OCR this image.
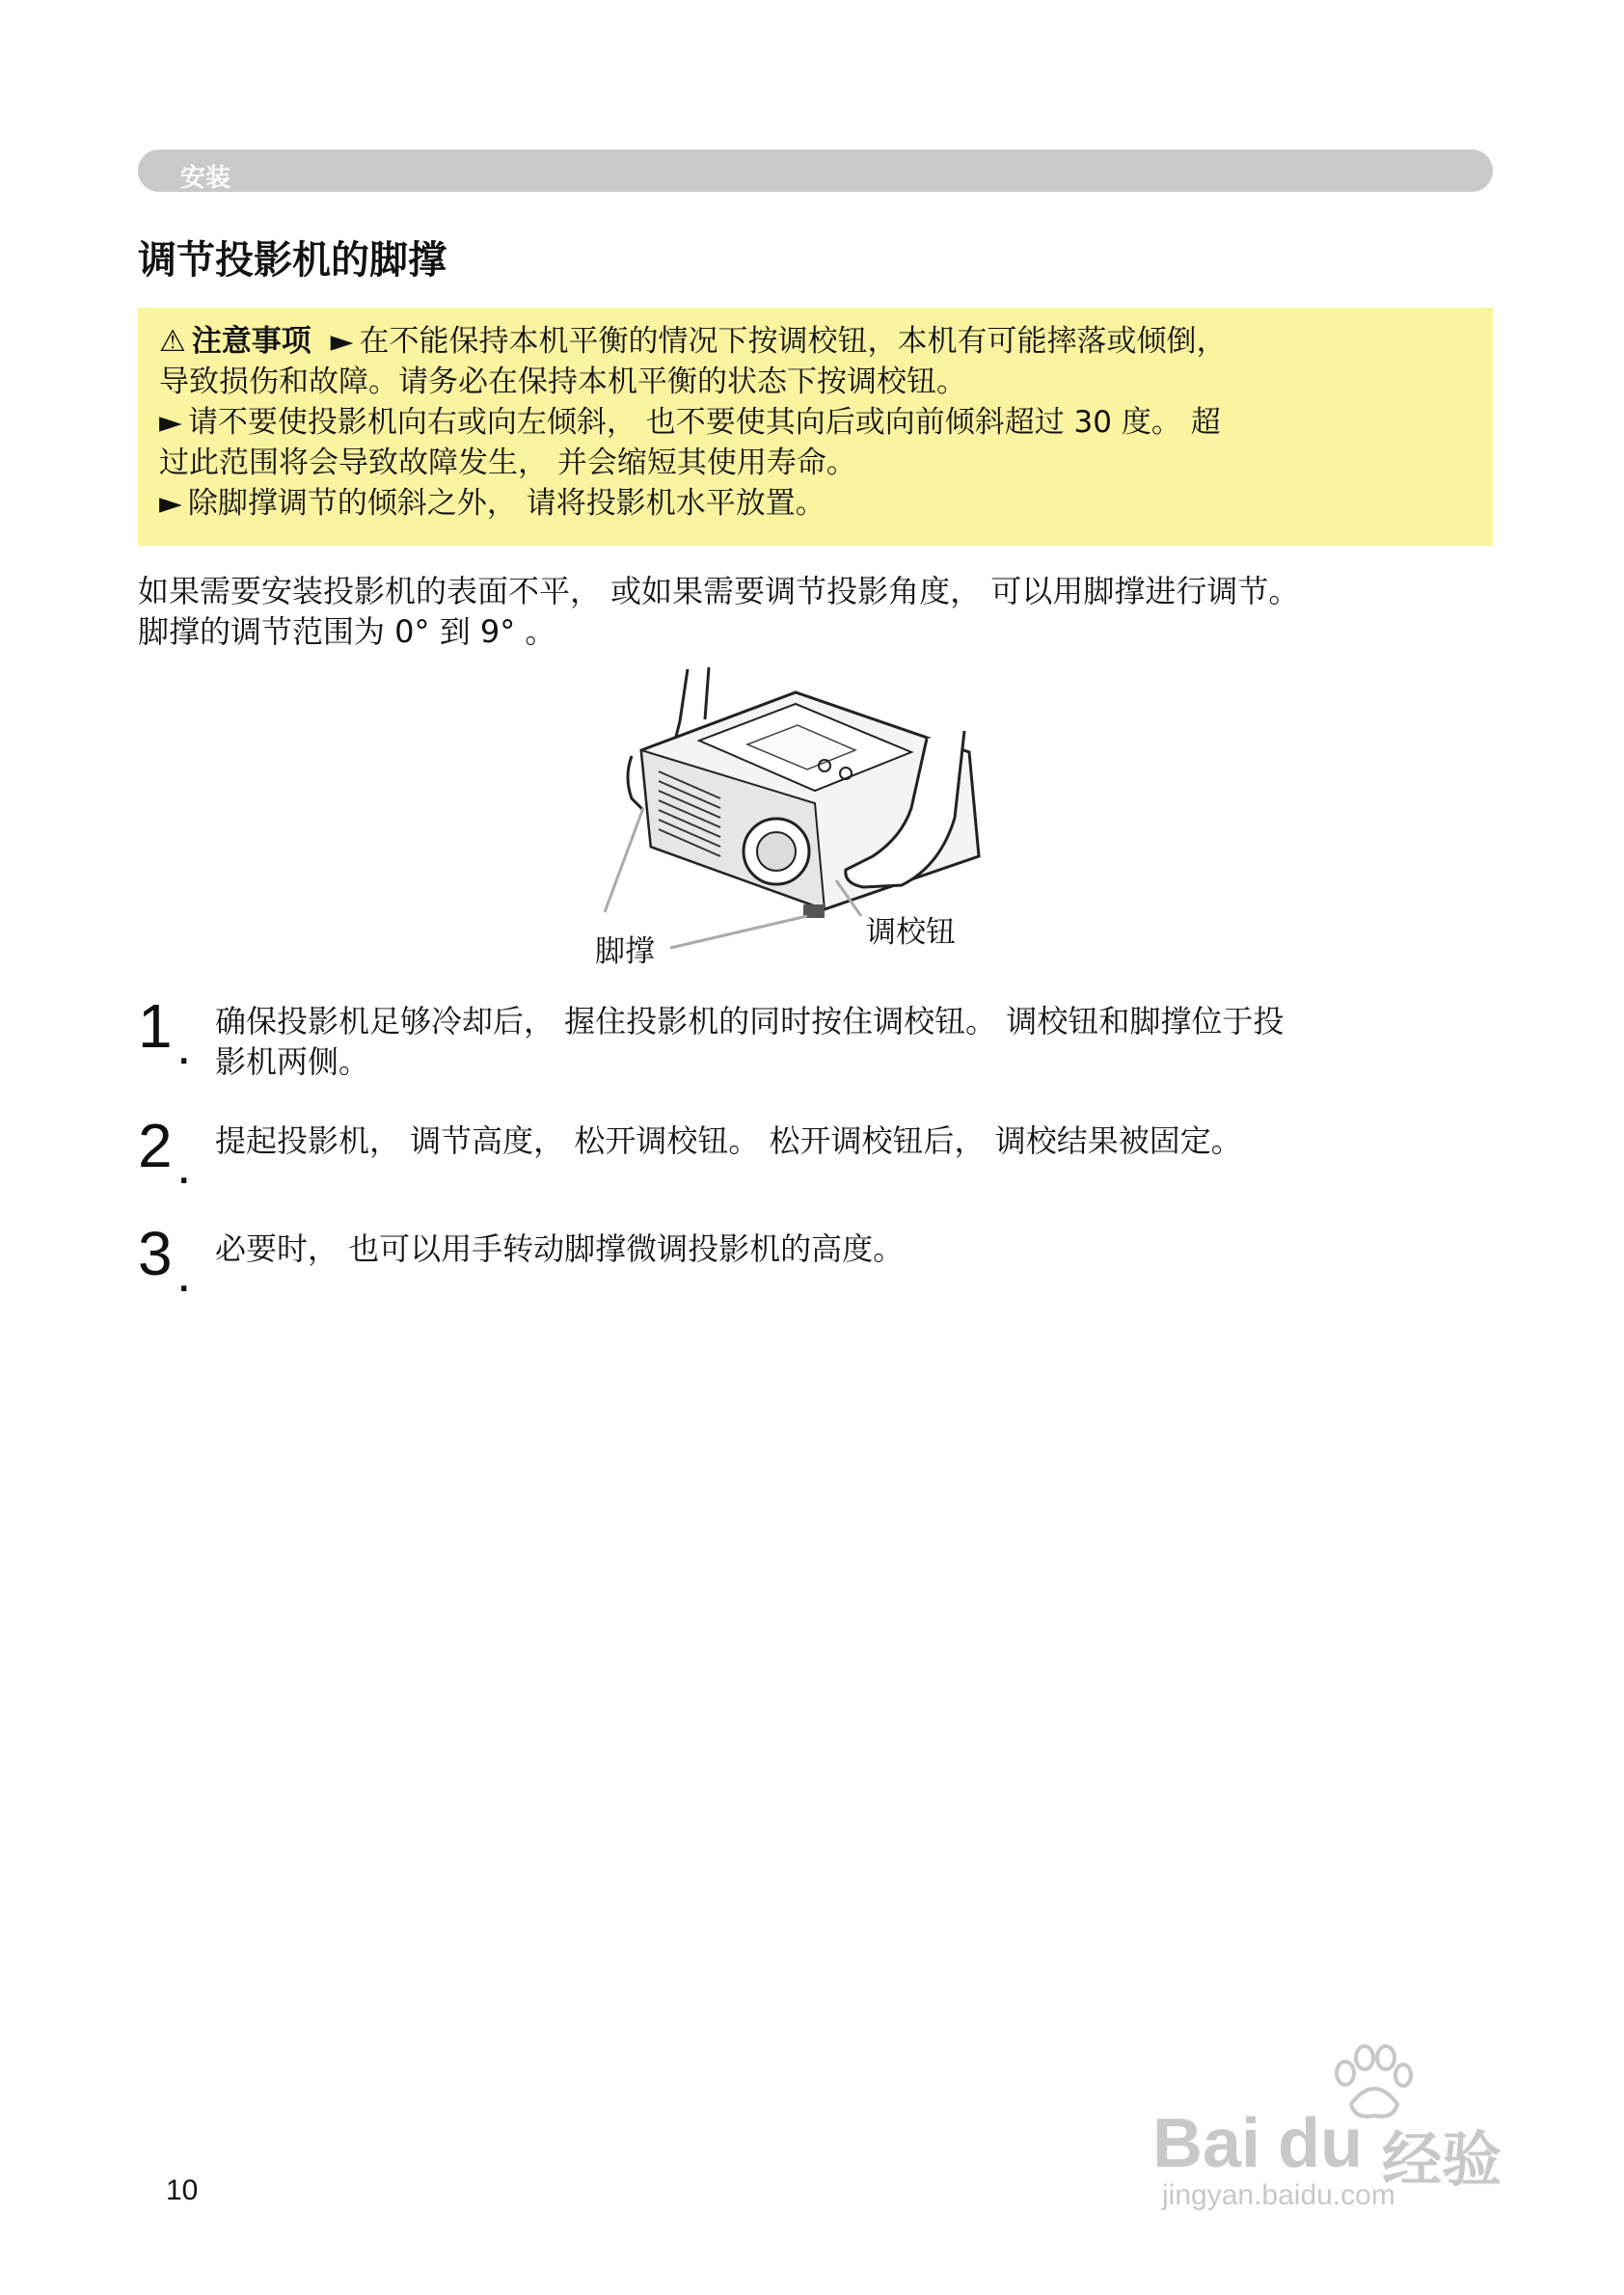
安装
调节投影机的脚撑
⚠ 注意事项 ► 在不能保持本机平衡的情况下按调校钮，本机有可能摔落或倾倒，
导致损伤和故障。请务必在保持本机平衡的状态下按调校钮。
► 请不要使投影机向右或向左倾斜， 也不要使其向后或向前倾斜超过 30 度。 超
过此范围将会导致故障发生， 并会缩短其使用寿命。
► 除脚撑调节的倾斜之外， 请将投影机水平放置。
如果需要安装投影机的表面不平， 或如果需要调节投影角度， 可以用脚撑进行调节。
脚撑的调节范围为 0° 到 9° 。
脚撑
调校钮
1 .
确保投影机足够冷却后， 握住投影机的同时按住调校钮。 调校钮和脚撑位于投
影机两侧。
2 .
提起投影机， 调节高度， 松开调校钮。 松开调校钮后， 调校结果被固定。
3 .
必要时， 也可以用手转动脚撑微调投影机的高度。
10
Bai du 经验
jingyan.baidu.com
